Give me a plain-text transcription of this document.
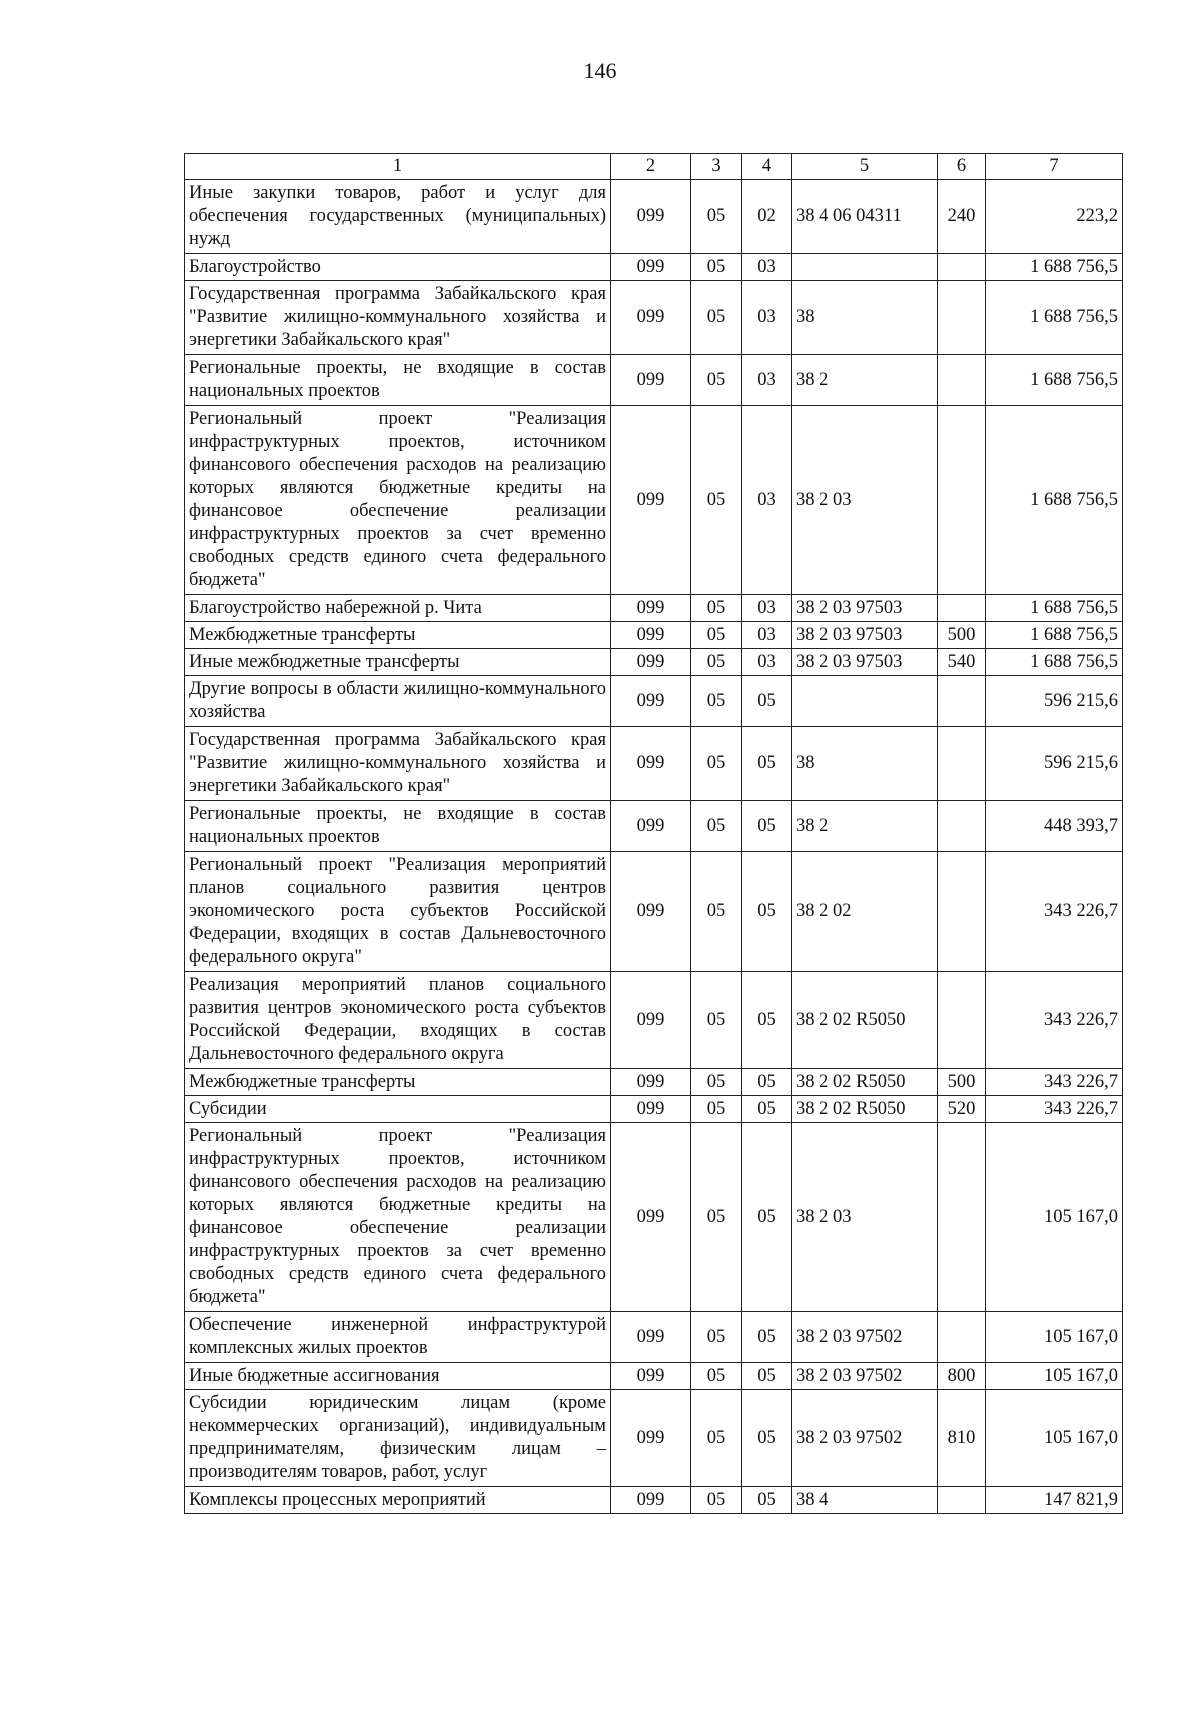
146
1	2	3	4	5	6	7
Иные закупки товаров, работ и услуг для обеспечения государственных (муниципальных) нужд	099	05	02	38 4 06 04311	240	223,2
Благоустройство	099	05	03			1 688 756,5
Государственная программа Забайкальского края "Развитие жилищно-коммунального хозяйства и энергетики Забайкальского края"	099	05	03	38		1 688 756,5
Региональные проекты, не входящие в состав национальных проектов	099	05	03	38 2		1 688 756,5
Региональный проект "Реализация инфраструктурных проектов, источником финансового обеспечения расходов на реализацию которых являются бюджетные кредиты на финансовое обеспечение реализации инфраструктурных проектов за счет временно свободных средств единого счета федерального бюджета"	099	05	03	38 2 03		1 688 756,5
Благоустройство набережной р. Чита	099	05	03	38 2 03 97503		1 688 756,5
Межбюджетные трансферты	099	05	03	38 2 03 97503	500	1 688 756,5
Иные межбюджетные трансферты	099	05	03	38 2 03 97503	540	1 688 756,5
Другие вопросы в области жилищно-коммунального хозяйства	099	05	05			596 215,6
Государственная программа Забайкальского края "Развитие жилищно-коммунального хозяйства и энергетики Забайкальского края"	099	05	05	38		596 215,6
Региональные проекты, не входящие в состав национальных проектов	099	05	05	38 2		448 393,7
Региональный проект "Реализация мероприятий планов социального развития центров экономического роста субъектов Российской Федерации, входящих в состав Дальневосточного федерального округа"	099	05	05	38 2 02		343 226,7
Реализация мероприятий планов социального развития центров экономического роста субъектов Российской Федерации, входящих в состав Дальневосточного федерального округа	099	05	05	38 2 02 R5050		343 226,7
Межбюджетные трансферты	099	05	05	38 2 02 R5050	500	343 226,7
Субсидии	099	05	05	38 2 02 R5050	520	343 226,7
Региональный проект "Реализация инфраструктурных проектов, источником финансового обеспечения расходов на реализацию которых являются бюджетные кредиты на финансовое обеспечение реализации инфраструктурных проектов за счет временно свободных средств единого счета федерального бюджета"	099	05	05	38 2 03		105 167,0
Обеспечение инженерной инфраструктурой комплексных жилых проектов	099	05	05	38 2 03 97502		105 167,0
Иные бюджетные ассигнования	099	05	05	38 2 03 97502	800	105 167,0
Субсидии юридическим лицам (кроме некоммерческих организаций), индивидуальным предпринимателям, физическим лицам – производителям товаров, работ, услуг	099	05	05	38 2 03 97502	810	105 167,0
Комплексы процессных мероприятий	099	05	05	38 4		147 821,9
